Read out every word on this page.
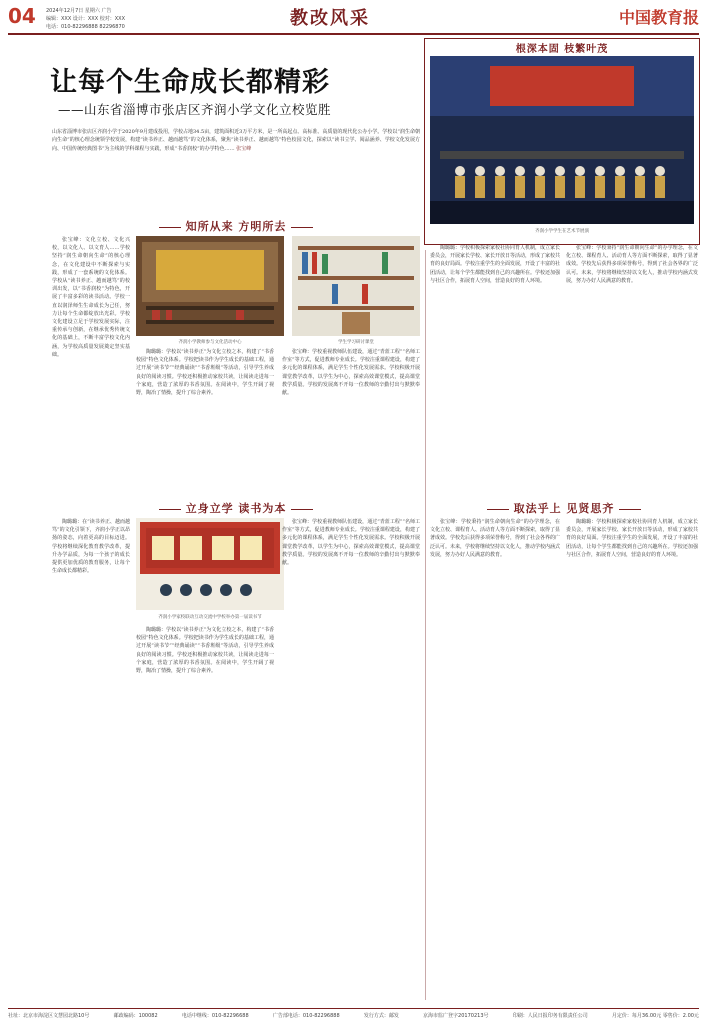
04 2024年12月7日 星期六 广告
编辑：XXX 设计：XXX 校对：XXX
电话：010-82296888 82296870	教改风采	中国教育报
让每个生命成长都精彩
——山东省淄博市张店区齐润小学文化立校览胜
山东省淄博市张店区齐润小学于2020年9月建成投用，学校占地34.5亩，建筑面积近3万平方米，是一所高起点、高标准、高质量的现代化公办小学。学校以“润生命朝向生命”的核心理念统领学校发展，构建“读书养正、越而越笃”的文化体系，聚焦“读书养正、越而越笃”特色校园文化，探索以“读书立学、阅品涵养、学校文化发展方向、中国传统经典图书”为主线的学科课程与实践，形成“书香润校”的办学特色…… 张宝峰
根深本固 枝繁叶茂
齐润小学学生在艺术节展演
知所从来 方明所去
齐润小学教师参与文化活动中心	学生学习研讨课堂

张宝峰：文化立校、文化兴校，以文化人、以文育人……学校坚持“润生命朝向生命”的核心理念，在文化建设中不断探索与实践，形成了一套系统的文化体系。学校从“读书养正、越而越笃”的校训出发，以“书香润校”为特色，开展了丰富多彩的读书活动。学校一直以润泽师生生命成长为己任，努力让每个生命都绽放出光彩。学校文化建设立足于学校发展实际，注重传承与创新，在继承优秀传统文化的基础上，不断丰富学校文化内涵，为学校高质量发展奠定坚实基础。	陶璐璐：学校以“读书养正”为文化立校之本，构建了“书香校园”特色文化体系。学校把读书作为学生成长的基础工程，通过开展“读书节”“经典诵读”“书香班级”等活动，引导学生养成良好的阅读习惯。学校还积极推动家校共读，让阅读走进每一个家庭，营造了浓厚的书香氛围。在阅读中，学生开阔了视野，陶冶了情操，提升了综合素养。

张宝峰：学校重视教师队伍建设，通过“青蓝工程”“名师工作室”等方式，促进教师专业成长。学校注重课程建设，构建了多元化的课程体系，满足学生个性化发展需求。学校积极开展课堂教学改革，以学生为中心，探索高效课堂模式，提高课堂教学质量。学校的发展离不开每一位教师的辛勤付出与默默奉献。

陶璐璐：学校积极探索家校社协同育人机制，成立家长委员会，开展家长学校、家长开放日等活动，形成了家校共育的良好局面。学校注重学生的全面发展，开设了丰富的社团活动，让每个学生都能找到自己的兴趣所在。学校还加强与社区合作，拓展育人空间，营造良好的育人环境。

张宝峰：学校秉持“润生命朝向生命”的办学理念，在文化立校、课程育人、活动育人等方面不断探索，取得了显著成效。学校先后获得多项荣誉称号，得到了社会各界的广泛认可。未来，学校将继续坚持以文化人，推动学校内涵式发展，努力办好人民满意的教育。

立身立学 读书为本
齐润小学家校联动互动交流中学校举办第一届读书节

陶璐璐：在“读书养正、越而越笃”的文化引领下，齐润小学正以昂扬的姿态，向着更高的目标迈进。学校将继续深化教育教学改革，提升办学品质，为每一个孩子的成长提供更加优质的教育服务，让每个生命成长都精彩。

陶璐璐：学校以“读书养正”为文化立校之本，构建了“书香校园”特色文化体系。学校把读书作为学生成长的基础工程，通过开展“读书节”“经典诵读”“书香班级”等活动，引导学生养成良好的阅读习惯。学校还积极推动家校共读，让阅读走进每一个家庭，营造了浓厚的书香氛围。在阅读中，学生开阔了视野，陶冶了情操，提升了综合素养。

张宝峰：学校重视教师队伍建设，通过“青蓝工程”“名师工作室”等方式，促进教师专业成长。学校注重课程建设，构建了多元化的课程体系，满足学生个性化发展需求。学校积极开展课堂教学改革，以学生为中心，探索高效课堂模式，提高课堂教学质量。学校的发展离不开每一位教师的辛勤付出与默默奉献。

取法乎上 见贤思齐

张宝峰：学校秉持“润生命朝向生命”的办学理念，在文化立校、课程育人、活动育人等方面不断探索，取得了显著成效。学校先后获得多项荣誉称号，得到了社会各界的广泛认可。未来，学校将继续坚持以文化人，推动学校内涵式发展，努力办好人民满意的教育。

陶璐璐：学校积极探索家校社协同育人机制，成立家长委员会，开展家长学校、家长开放日等活动，形成了家校共育的良好局面。学校注重学生的全面发展，开设了丰富的社团活动，让每个学生都能找到自己的兴趣所在。学校还加强与社区合作，拓展育人空间，营造良好的育人环境。

社址：北京市海淀区文慧园北路10号	邮政编码：100082	电话中继线：010-82296688	广告部电话：010-82296888	发行方式：邮发	京海市监广登字20170213号	印刷：人民日报印务有限责任公司	月定价：每月36.00元 零售价：2.00元
